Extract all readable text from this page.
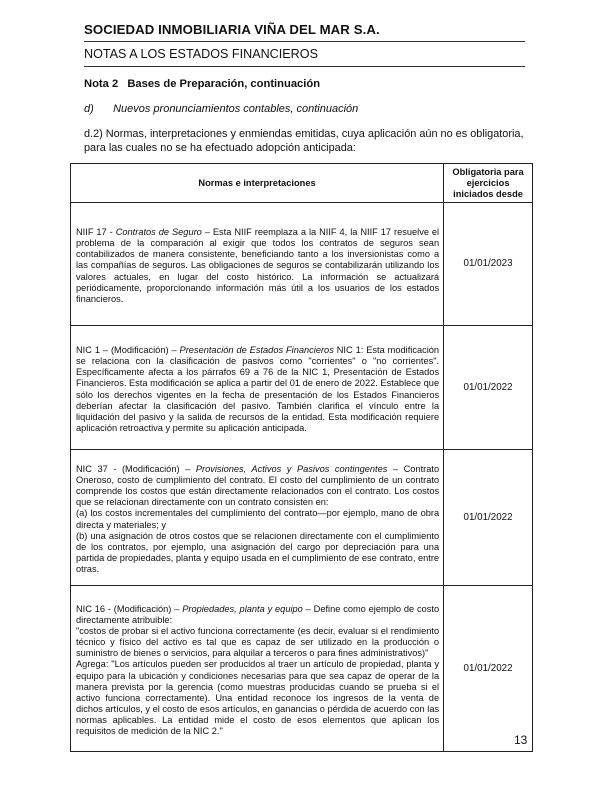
SOCIEDAD INMOBILIARIA VIÑA DEL MAR S.A.
NOTAS A LOS ESTADOS FINANCIEROS
Nota 2 Bases de Preparación, continuación
d) Nuevos pronunciamientos contables, continuación
d.2) Normas, interpretaciones y enmiendas emitidas, cuya aplicación aún no es obligatoria, para las cuales no se ha efectuado adopción anticipada:
Normas e interpretaciones	Obligatoria para ejercicios iniciados desde
NIIF 17 - Contratos de Seguro – Esta NIIF reemplaza a la NIIF 4, la NIIF 17 resuelve el problema de la comparación al exigir que todos los contratos de seguros sean contabilizados de manera consistente, beneficiando tanto a los inversionistas como a las compañías de seguros. Las obligaciones de seguros se contabilizarán utilizando los valores actuales, en lugar del costo histórico. La información se actualizará periódicamente, proporcionando información más útil a los usuarios de los estados financieros.	01/01/2023
NIC 1 – (Modificación) – Presentación de Estados Financieros NIC 1: Esta modificación se relaciona con la clasificación de pasivos como "corrientes" o "no corrientes". Específicamente afecta a los párrafos 69 a 76 de la NIC 1, Presentación de Estados Financieros. Esta modificación se aplica a partir del 01 de enero de 2022. Establece que sólo los derechos vigentes en la fecha de presentación de los Estados Financieros deberían afectar la clasificación del pasivo. También clarifica el vínculo entre la liquidación del pasivo y la salida de recursos de la entidad. Esta modificación requiere aplicación retroactiva y permite su aplicación anticipada.	01/01/2022
NIC 37 - (Modificación) – Provisiones, Activos y Pasivos contingentes – Contrato Oneroso, costo de cumplimiento del contrato. El costo del cumplimiento de un contrato comprende los costos que están directamente relacionados con el contrato. Los costos que se relacionan directamente con un contrato consisten en:
(a) los costos incrementales del cumplimiento del contrato—por ejemplo, mano de obra directa y materiales; y
(b) una asignación de otros costos que se relacionen directamente con el cumplimiento de los contratos, por ejemplo, una asignación del cargo por depreciación para una partida de propiedades, planta y equipo usada en el cumplimiento de ese contrato, entre otras.	01/01/2022
NIC 16 - (Modificación) – Propiedades, planta y equipo – Define como ejemplo de costo directamente atribuible:
"costos de probar si el activo funciona correctamente (es decir, evaluar si el rendimiento técnico y físico del activo es tal que es capaz de ser utilizado en la producción o suministro de bienes o servicios, para alquilar a terceros o para fines administrativos)"
Agrega: "Los artículos pueden ser producidos al traer un artículo de propiedad, planta y equipo para la ubicación y condiciones necesarias para que sea capaz de operar de la manera prevista por la gerencia (como muestras producidas cuando se prueba si el activo funciona correctamente). Una entidad reconoce los ingresos de la venta de dichos artículos, y el costo de esos artículos, en ganancias o pérdida de acuerdo con las normas aplicables. La entidad mide el costo de esos elementos que aplican los requisitos de medición de la NIC 2."	01/01/2022
13
